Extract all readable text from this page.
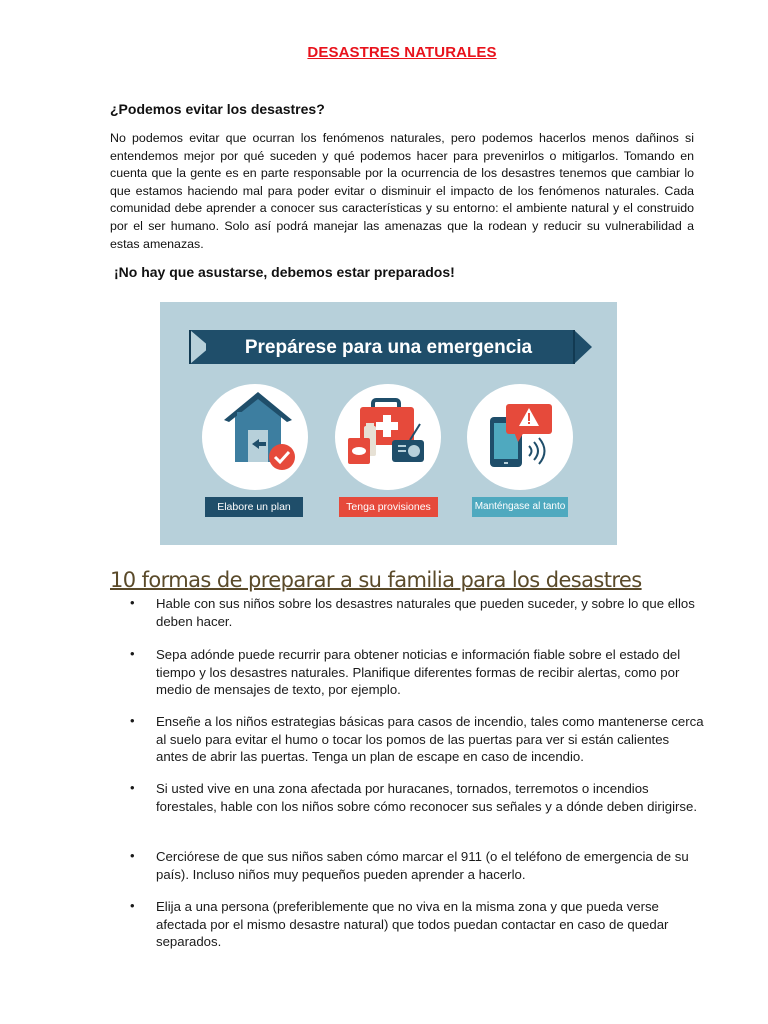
DESASTRES NATURALES
¿Podemos evitar los desastres?

No podemos evitar que ocurran los fenómenos naturales, pero podemos hacerlos menos dañinos si entendemos mejor por qué suceden y qué podemos hacer para prevenirlos o mitigarlos. Tomando en cuenta que la gente es en parte responsable por la ocurrencia de los desastres tenemos que cambiar lo que estamos haciendo mal para poder evitar o disminuir el impacto de los fenómenos naturales. Cada comunidad debe aprender a conocer sus características y su entorno: el ambiente natural y el construido por el ser humano. Solo así podrá manejar las amenazas que la rodean y reducir su vulnerabilidad a estas amenazas.

¡No hay que asustarse, debemos estar preparados!
Prepárese para una emergencia
Elabore un plan	Tenga provisiones	Manténgase al tanto
10 formas de preparar a su familia para los desastres
• Hable con sus niños sobre los desastres naturales que pueden suceder, y sobre lo que ellos deben hacer.
• Sepa adónde puede recurrir para obtener noticias e información fiable sobre el estado del tiempo y los desastres naturales. Planifique diferentes formas de recibir alertas, como por medio de mensajes de texto, por ejemplo.
• Enseñe a los niños estrategias básicas para casos de incendio, tales como mantenerse cerca al suelo para evitar el humo o tocar los pomos de las puertas para ver si están calientes antes de abrir las puertas. Tenga un plan de escape en caso de incendio.
• Si usted vive en una zona afectada por huracanes, tornados, terremotos o incendios forestales, hable con los niños sobre cómo reconocer sus señales y a dónde deben dirigirse.
• Cerciórese de que sus niños saben cómo marcar el 911 (o el teléfono de emergencia de su país). Incluso niños muy pequeños pueden aprender a hacerlo.
• Elija a una persona (preferiblemente que no viva en la misma zona y que pueda verse afectada por el mismo desastre natural) que todos puedan contactar en caso de quedar separados.
